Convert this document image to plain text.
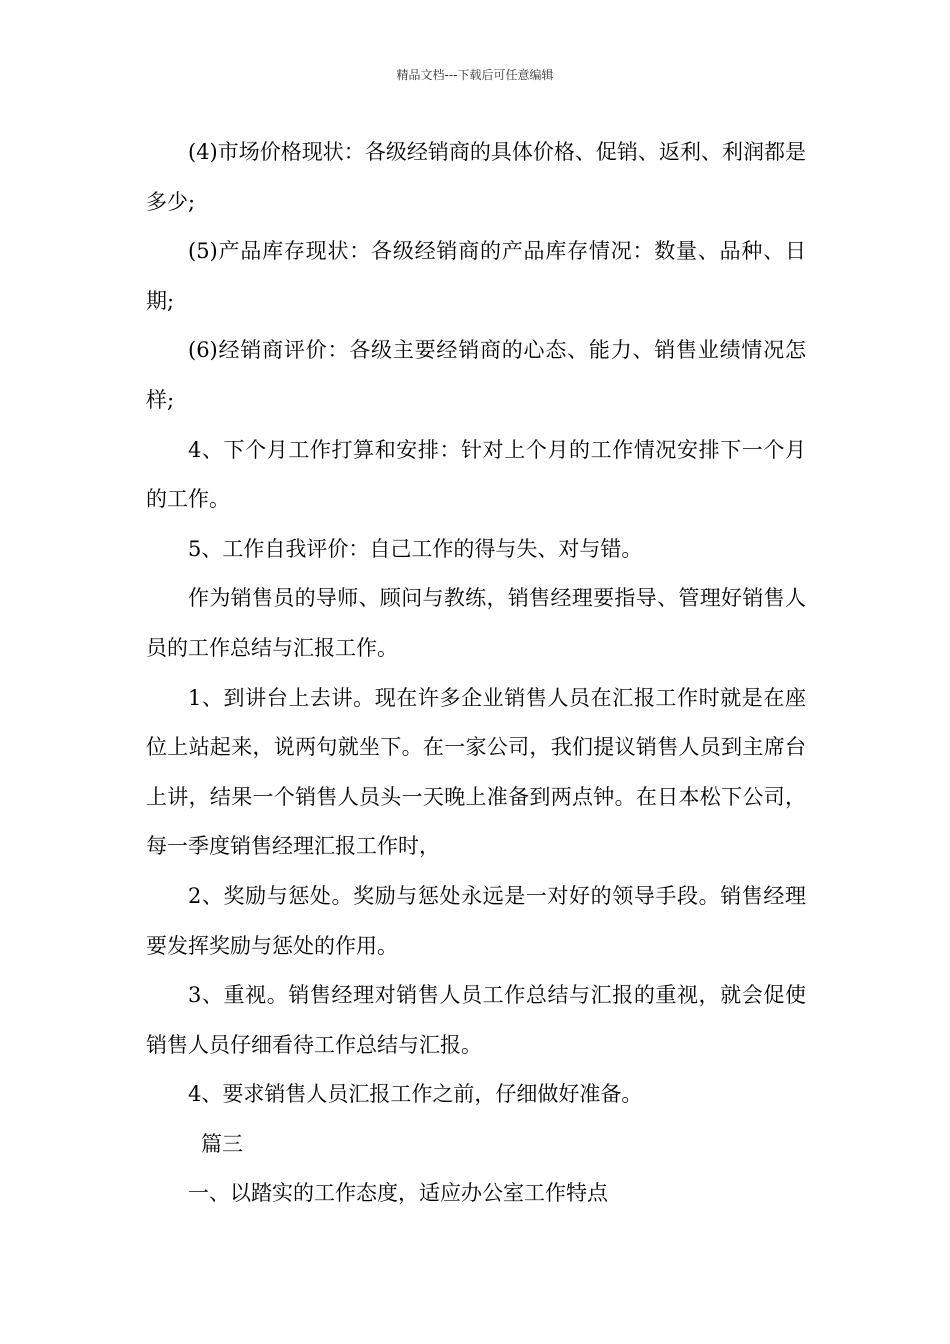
精品文档---下载后可任意编辑

(4)市场价格现状：各级经销商的具体价格、促销、返利、利润都是多少;

(5)产品库存现状：各级经销商的产品库存情况：数量、品种、日期;

(6)经销商评价：各级主要经销商的心态、能力、销售业绩情况怎样;

4、下个月工作打算和安排：针对上个月的工作情况安排下一个月的工作。

5、工作自我评价：自己工作的得与失、对与错。

作为销售员的导师、顾问与教练，销售经理要指导、管理好销售人员的工作总结与汇报工作。

1、到讲台上去讲。现在许多企业销售人员在汇报工作时就是在座位上站起来，说两句就坐下。在一家公司，我们提议销售人员到主席台上讲，结果一个销售人员头一天晚上准备到两点钟。在日本松下公司，每一季度销售经理汇报工作时，

2、奖励与惩处。奖励与惩处永远是一对好的领导手段。销售经理要发挥奖励与惩处的作用。

3、重视。销售经理对销售人员工作总结与汇报的重视，就会促使销售人员仔细看待工作总结与汇报。

4、要求销售人员汇报工作之前，仔细做好准备。

篇三

一、以踏实的工作态度，适应办公室工作特点
